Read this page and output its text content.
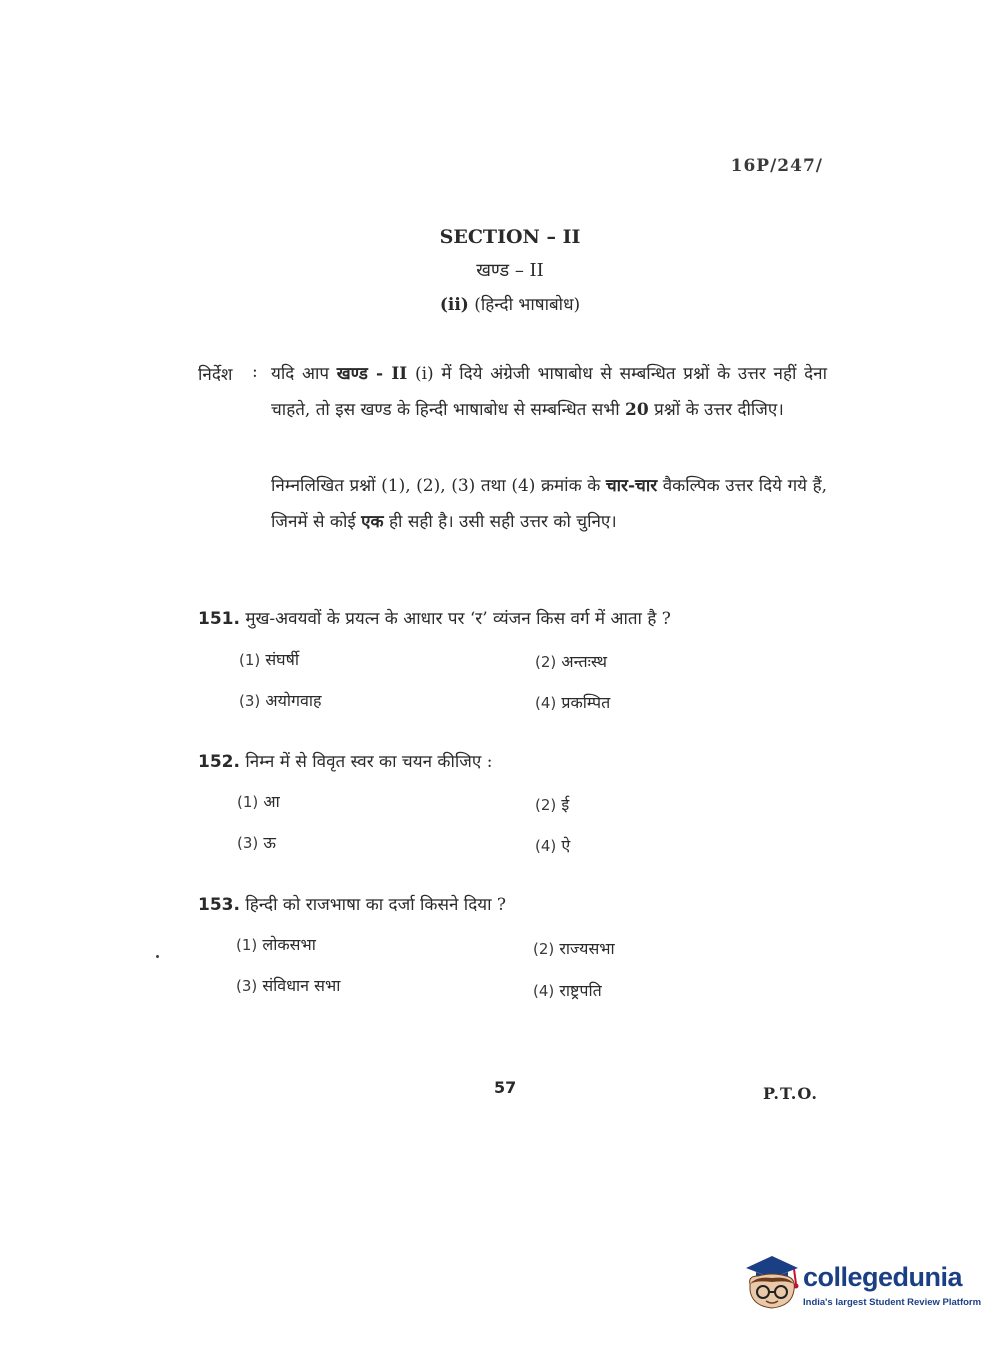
16P/247/
SECTION – II
खण्ड – II
(ii) (हिन्दी भाषाबोध)
निर्देश : यदि आप खण्ड - II (i) में दिये अंग्रेजी भाषाबोध से सम्बन्धित प्रश्नों के उत्तर नहीं देना चाहते, तो इस खण्ड के हिन्दी भाषाबोध से सम्बन्धित सभी 20 प्रश्नों के उत्तर दीजिए।
निम्नलिखित प्रश्नों (1), (2), (3) तथा (4) क्रमांक के चार-चार वैकल्पिक उत्तर दिये गये हैं, जिनमें से कोई एक ही सही है। उसी सही उत्तर को चुनिए।
151. मुख-अवयवों के प्रयत्न के आधार पर ‘र’ व्यंजन किस वर्ग में आता है ?
(1) संघर्षी	(2) अन्तःस्थ
(3) अयोगवाह	(4) प्रकम्पित
152. निम्न में से विवृत स्वर का चयन कीजिए :
(1) आ	(2) ई
(3) ऊ	(4) ऐ
153. हिन्दी को राजभाषा का दर्जा किसने दिया ?
(1) लोकसभा	(2) राज्यसभा
(3) संविधान सभा	(4) राष्ट्रपति
57	P.T.O.
collegedunia
India's largest Student Review Platform
